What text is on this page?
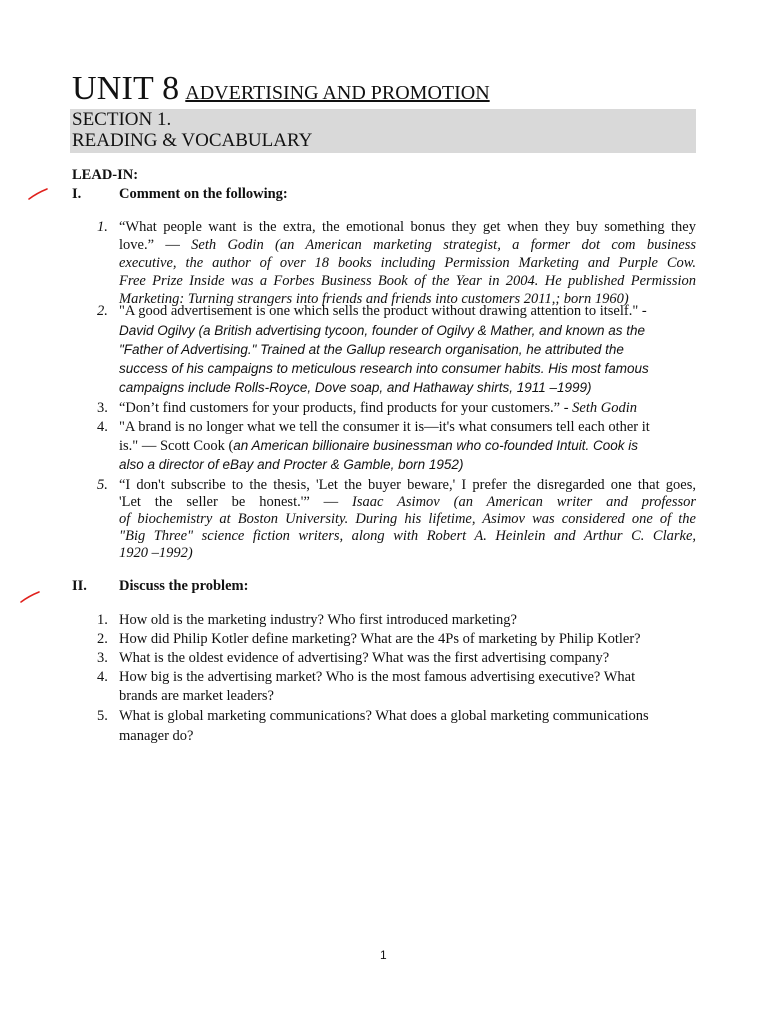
UNIT 8 ADVERTISING AND PROMOTION
SECTION 1.
READING & VOCABULARY
LEAD-IN:
I.	Comment on the following:
1. “What people want is the extra, the emotional bonus they get when they buy something they
love.” — Seth Godin (an American marketing strategist, a former dot com business
executive, the author of over 18 books including Permission Marketing and Purple Cow.
Free Prize Inside was a Forbes Business Book of the Year in 2004. He published Permission
Marketing: Turning strangers into friends and friends into customers 2011,; born 1960)
2. "A good advertisement is one which sells the product without drawing attention to itself." -
David Ogilvy (a British advertising tycoon, founder of Ogilvy & Mather, and known as the
"Father of Advertising." Trained at the Gallup research organisation, he attributed the
success of his campaigns to meticulous research into consumer habits. His most famous
campaigns include Rolls-Royce, Dove soap, and Hathaway shirts, 1911 –1999)
3. “Don’t find customers for your products, find products for your customers.” - Seth Godin
4. "A brand is no longer what we tell the consumer it is—it's what consumers tell each other it
is." — Scott Cook (an American billionaire businessman who co-founded Intuit. Cook is
also a director of eBay and Procter & Gamble, born 1952)
5. “I don't subscribe to the thesis, 'Let the buyer beware,' I prefer the disregarded one that goes,
'Let the seller be honest.'” — Isaac Asimov (an American writer and professor
of biochemistry at Boston University. During his lifetime, Asimov was considered one of the
"Big Three" science fiction writers, along with Robert A. Heinlein and Arthur C. Clarke,
1920 –1992)
II. Discuss the problem:
1. How old is the marketing industry? Who first introduced marketing?
2. How did Philip Kotler define marketing? What are the 4Ps of marketing by Philip Kotler?
3. What is the oldest evidence of advertising? What was the first advertising company?
4. How big is the advertising market? Who is the most famous advertising executive? What
brands are market leaders?
5. What is global marketing communications? What does a global marketing communications
manager do?
1
